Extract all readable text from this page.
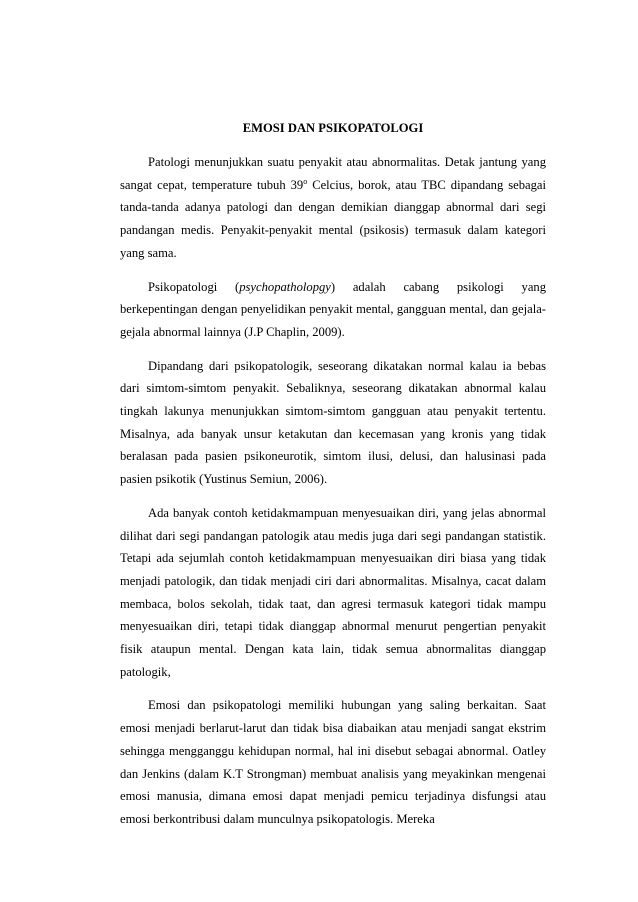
EMOSI DAN PSIKOPATOLOGI

Patologi menunjukkan suatu penyakit atau abnormalitas. Detak jantung yang sangat cepat, temperature tubuh 39$^o$ Celcius, borok, atau TBC dipandang sebagai tanda-tanda adanya patologi dan dengan demikian dianggap abnormal dari segi pandangan medis. Penyakit-penyakit mental (psikosis) termasuk dalam kategori yang sama.

Psikopatologi (psychopatholopgy) adalah cabang psikologi yang berkepentingan dengan penyelidikan penyakit mental, gangguan mental, dan gejala-gejala abnormal lainnya (J.P Chaplin, 2009).

Dipandang dari psikopatologik, seseorang dikatakan normal kalau ia bebas dari simtom-simtom penyakit. Sebaliknya, seseorang dikatakan abnormal kalau tingkah lakunya menunjukkan simtom-simtom gangguan atau penyakit tertentu. Misalnya, ada banyak unsur ketakutan dan kecemasan yang kronis yang tidak beralasan pada pasien psikoneurotik, simtom ilusi, delusi, dan halusinasi pada pasien psikotik (Yustinus Semiun, 2006).

Ada banyak contoh ketidakmampuan menyesuaikan diri, yang jelas abnormal dilihat dari segi pandangan patologik atau medis juga dari segi pandangan statistik. Tetapi ada sejumlah contoh ketidakmampuan menyesuaikan diri biasa yang tidak menjadi patologik, dan tidak menjadi ciri dari abnormalitas. Misalnya, cacat dalam membaca, bolos sekolah, tidak taat, dan agresi termasuk kategori tidak mampu menyesuaikan diri, tetapi tidak dianggap abnormal menurut pengertian penyakit fisik ataupun mental. Dengan kata lain, tidak semua abnormalitas dianggap patologik,

Emosi dan psikopatologi memiliki hubungan yang saling berkaitan. Saat emosi menjadi berlarut-larut dan tidak bisa diabaikan atau menjadi sangat ekstrim sehingga mengganggu kehidupan normal, hal ini disebut sebagai abnormal. Oatley dan Jenkins (dalam K.T Strongman) membuat analisis yang meyakinkan mengenai emosi manusia, dimana emosi dapat menjadi pemicu terjadinya disfungsi atau emosi berkontribusi dalam munculnya psikopatologis. Mereka
